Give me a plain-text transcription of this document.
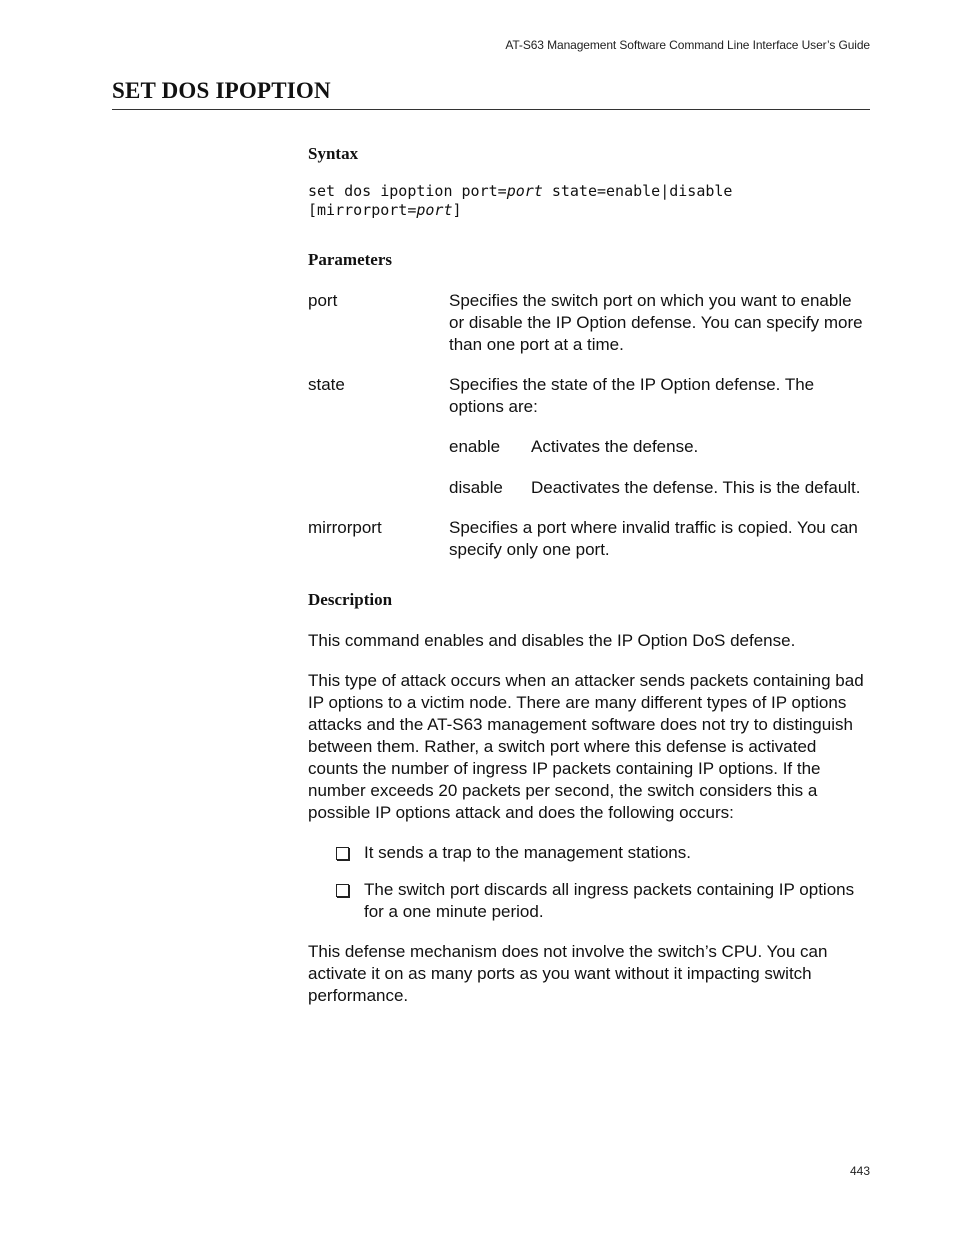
AT-S63 Management Software Command Line Interface User’s Guide
SET DOS IPOPTION
Syntax
set dos ipoption port=port state=enable|disable
[mirrorport=port]
Parameters
port	Specifies the switch port on which you want to enable or disable the IP Option defense. You can specify more than one port at a time.
state	Specifies the state of the IP Option defense. The options are:
enable Activates the defense.
disable Deactivates the defense. This is the default.
mirrorport	Specifies a port where invalid traffic is copied. You can specify only one port.
Description

This command enables and disables the IP Option DoS defense.

This type of attack occurs when an attacker sends packets containing bad IP options to a victim node. There are many different types of IP options attacks and the AT-S63 management software does not try to distinguish between them. Rather, a switch port where this defense is activated counts the number of ingress IP packets containing IP options. If the number exceeds 20 packets per second, the switch considers this a possible IP options attack and does the following occurs:

It sends a trap to the management stations.
The switch port discards all ingress packets containing IP options for a one minute period.

This defense mechanism does not involve the switch’s CPU. You can activate it on as many ports as you want without it impacting switch performance.

443
